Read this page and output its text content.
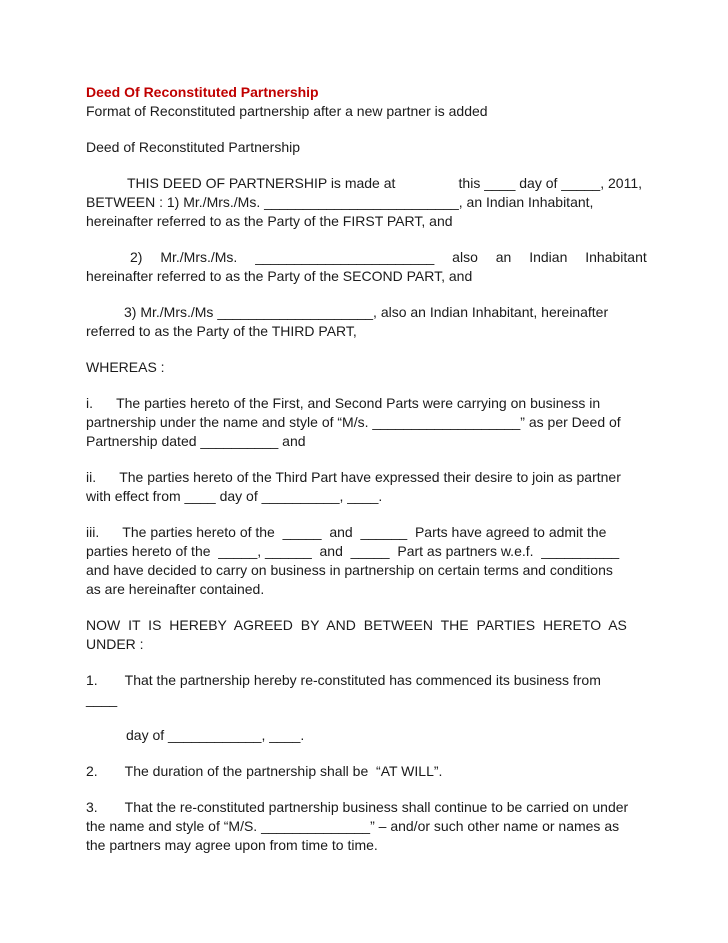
Deed Of Reconstituted Partnership

Format of Reconstituted partnership after a new partner is added

Deed of Reconstituted Partnership

THIS DEED OF PARTNERSHIP is made at	this ____ day of _____, 2011,
BETWEEN : 1) Mr./Mrs./Ms. _________________________, an Indian Inhabitant,
hereinafter referred to as the Party of the FIRST PART, and
2) Mr./Mrs./Ms. _______________________ also an Indian Inhabitant
hereinafter referred to as the Party of the SECOND PART, and
3) Mr./Mrs./Ms ____________________, also an Indian Inhabitant, hereinafter
referred to as the Party of the THIRD PART,

WHEREAS :

i.      The parties hereto of the First, and Second Parts were carrying on business in
partnership under the name and style of “M/s. ___________________” as per Deed of
Partnership dated __________ and
ii.      The parties hereto of the Third Part have expressed their desire to join as partner
with effect from ____ day of __________, ____.
iii.      The parties hereto of the  _____  and  ______  Parts have agreed to admit the
parties hereto of the  _____, ______  and  _____  Part as partners w.e.f.  __________
and have decided to carry on business in partnership on certain terms and conditions
as are hereinafter contained.
NOW IT IS HEREBY AGREED BY AND BETWEEN THE PARTIES HERETO AS
UNDER :
1.       That the partnership hereby re-constituted has commenced its business from
____
day of ____________, ____.
2.       The duration of the partnership shall be  “AT WILL”.
3.       That the re-constituted partnership business shall continue to be carried on under
the name and style of “M/S. ______________” – and/or such other name or names as
the partners may agree upon from time to time.
